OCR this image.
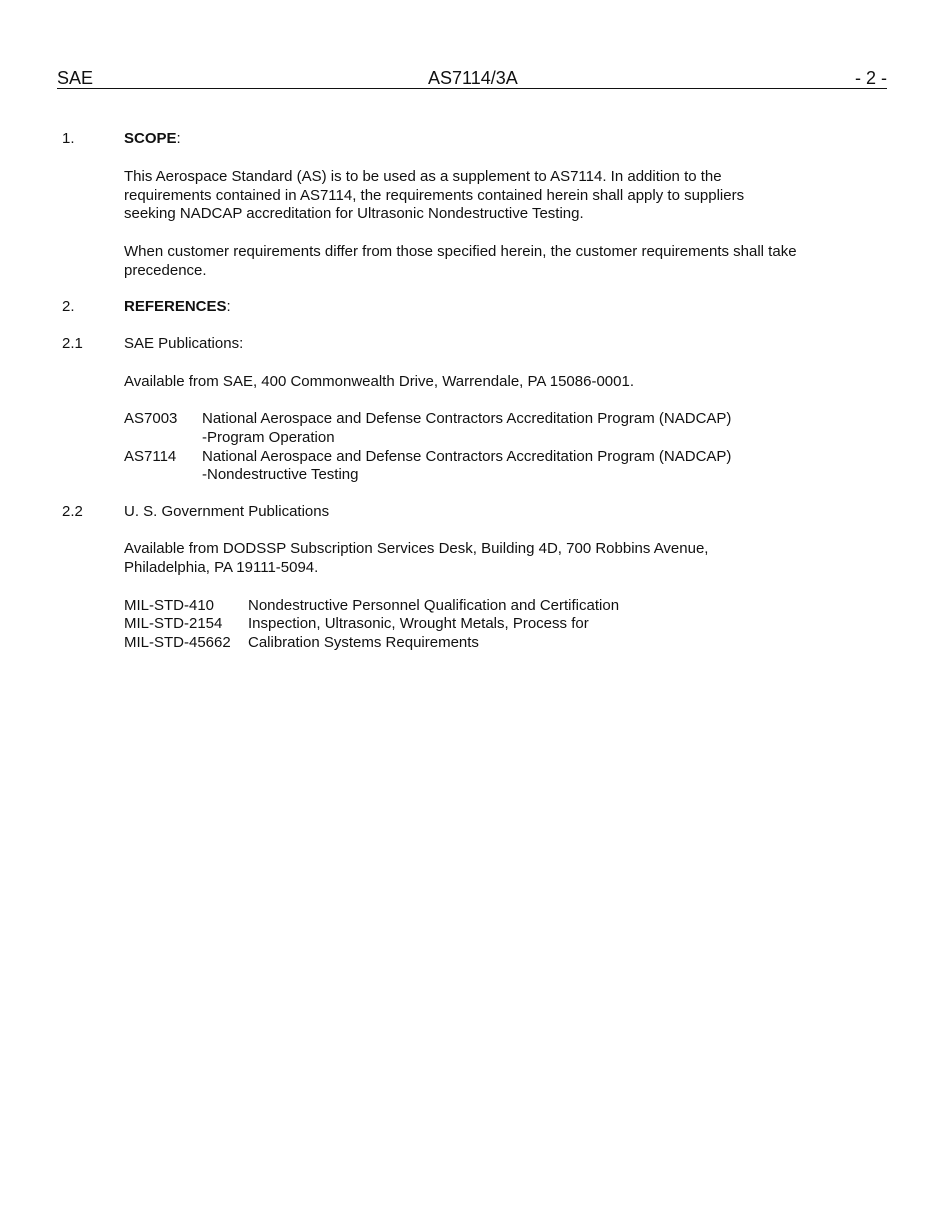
SAE	AS7114/3A	- 2 -
1.	SCOPE:
This Aerospace Standard (AS) is to be used as a supplement to AS7114. In addition to the
requirements contained in AS7114, the requirements contained herein shall apply to suppliers
seeking NADCAP accreditation for Ultrasonic Nondestructive Testing.
When customer requirements differ from those specified herein, the customer requirements shall take
precedence.
2.	REFERENCES:
2.1	SAE Publications:
Available from SAE, 400 Commonwealth Drive, Warrendale, PA 15086-0001.
AS7003 National Aerospace and Defense Contractors Accreditation Program (NADCAP)
-Program Operation
AS7114 National Aerospace and Defense Contractors Accreditation Program (NADCAP)
-Nondestructive Testing
2.2	U. S. Government Publications
Available from DODSSP Subscription Services Desk, Building 4D, 700 Robbins Avenue,
Philadelphia, PA 19111-5094.
MIL-STD-410 Nondestructive Personnel Qualification and Certification
MIL-STD-2154 Inspection, Ultrasonic, Wrought Metals, Process for
MIL-STD-45662 Calibration Systems Requirements
